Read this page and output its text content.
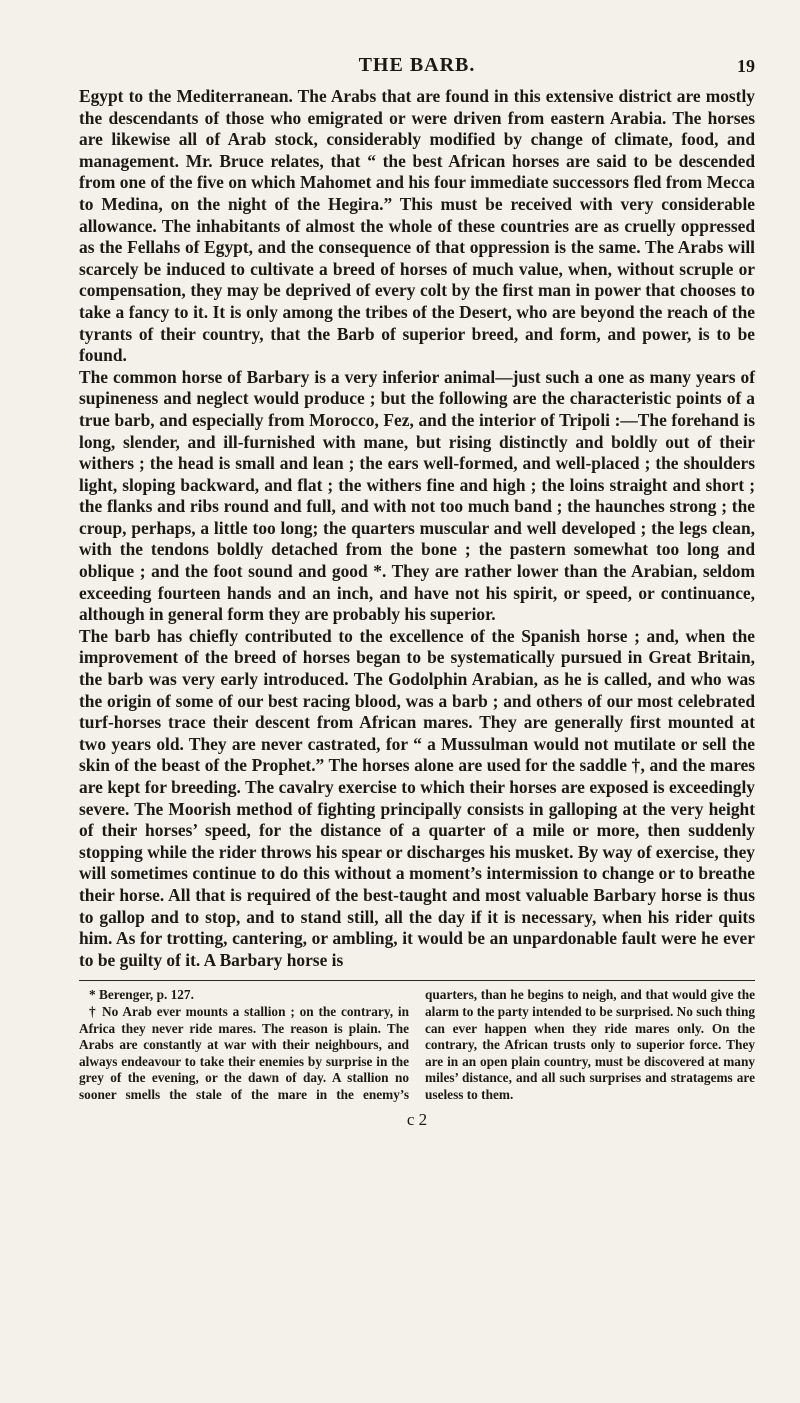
THE BARB.	19

Egypt to the Mediterranean. The Arabs that are found in this extensive district are mostly the descendants of those who emigrated or were driven from eastern Arabia. The horses are likewise all of Arab stock, considerably modified by change of climate, food, and management. Mr. Bruce relates, that “ the best African horses are said to be descended from one of the five on which Mahomet and his four immediate successors fled from Mecca to Medina, on the night of the Hegira.” This must be received with very considerable allowance. The inhabitants of almost the whole of these countries are as cruelly oppressed as the Fellahs of Egypt, and the consequence of that oppression is the same. The Arabs will scarcely be induced to cultivate a breed of horses of much value, when, without scruple or compensation, they may be deprived of every colt by the first man in power that chooses to take a fancy to it. It is only among the tribes of the Desert, who are beyond the reach of the tyrants of their country, that the Barb of superior breed, and form, and power, is to be found.

The common horse of Barbary is a very inferior animal—just such a one as many years of supineness and neglect would produce ; but the following are the characteristic points of a true barb, and especially from Morocco, Fez, and the interior of Tripoli :—The forehand is long, slender, and ill-furnished with mane, but rising distinctly and boldly out of their withers ; the head is small and lean ; the ears well-formed, and well-placed ; the shoulders light, sloping backward, and flat ; the withers fine and high ; the loins straight and short ; the flanks and ribs round and full, and with not too much band ; the haunches strong ; the croup, perhaps, a little too long; the quarters muscular and well developed ; the legs clean, with the tendons boldly detached from the bone ; the pastern somewhat too long and oblique ; and the foot sound and good *. They are rather lower than the Arabian, seldom exceeding fourteen hands and an inch, and have not his spirit, or speed, or continuance, although in general form they are probably his superior.

The barb has chiefly contributed to the excellence of the Spanish horse ; and, when the improvement of the breed of horses began to be systematically pursued in Great Britain, the barb was very early introduced. The Godolphin Arabian, as he is called, and who was the origin of some of our best racing blood, was a barb ; and others of our most celebrated turf-horses trace their descent from African mares. They are generally first mounted at two years old. They are never castrated, for “ a Mussulman would not mutilate or sell the skin of the beast of the Prophet.” The horses alone are used for the saddle †, and the mares are kept for breeding. The cavalry exercise to which their horses are exposed is exceedingly severe. The Moorish method of fighting principally consists in galloping at the very height of their horses’ speed, for the distance of a quarter of a mile or more, then suddenly stopping while the rider throws his spear or discharges his musket. By way of exercise, they will sometimes continue to do this without a moment’s intermission to change or to breathe their horse. All that is required of the best-taught and most valuable Barbary horse is thus to gallop and to stop, and to stand still, all the day if it is necessary, when his rider quits him. As for trotting, cantering, or ambling, it would be an unpardonable fault were he ever to be guilty of it. A Barbary horse is

* Berenger, p. 127.

† No Arab ever mounts a stallion ; on the contrary, in Africa they never ride mares. The reason is plain. The Arabs are constantly at war with their neighbours, and always endeavour to take their enemies by surprise in the grey of the evening, or the dawn of day. A stallion no sooner smells the stale of the mare in the enemy’s quarters, than he begins to neigh, and that would give the alarm to the party intended to be surprised. No such thing can ever happen when they ride mares only. On the contrary, the African trusts only to superior force. They are in an open plain country, must be discovered at many miles’ distance, and all such surprises and stratagems are useless to them.

c 2
